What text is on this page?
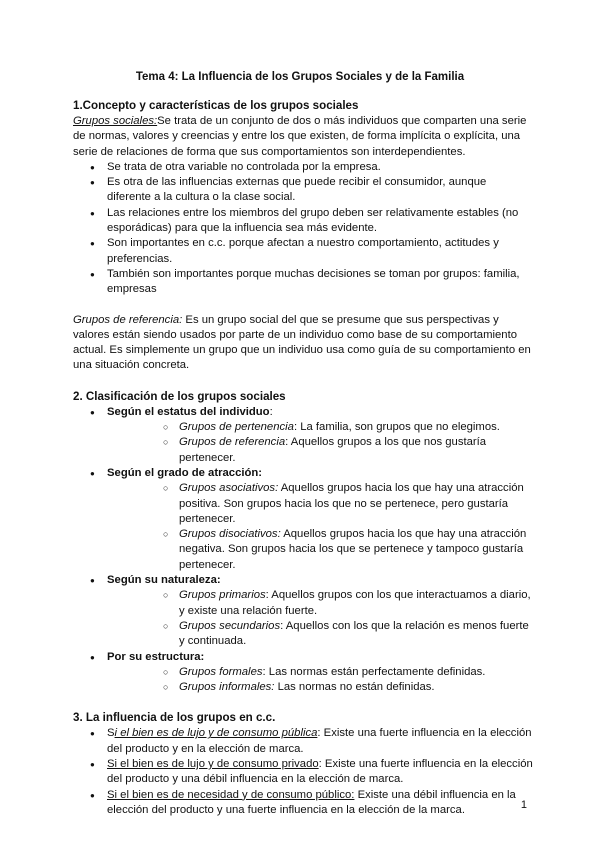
Tema 4: La Influencia de los Grupos Sociales y de la Familia
1.Concepto y características de los grupos sociales

Grupos sociales:Se trata de un conjunto de dos o más individuos que comparten una serie de normas, valores y creencias y entre los que existen, de forma implícita o explícita, una serie de relaciones de forma que sus comportamientos son interdependientes.

● Se trata de otra variable no controlada por la empresa.
● Es otra de las influencias externas que puede recibir el consumidor, aunque diferente a la cultura o la clase social.
● Las relaciones entre los miembros del grupo deben ser relativamente estables (no esporádicas) para que la influencia sea más evidente.
● Son importantes en c.c. porque afectan a nuestro comportamiento, actitudes y preferencias.
● También son importantes porque muchas decisiones se toman por grupos: familia, empresas

Grupos de referencia: Es un grupo social del que se presume que sus perspectivas y valores están siendo usados por parte de un individuo como base de su comportamiento actual. Es simplemente un grupo que un individuo usa como guía de su comportamiento en una situación concreta.

2. Clasificación de los grupos sociales
● Según el estatus del individuo:
○ Grupos de pertenencia: La familia, son grupos que no elegimos.
○ Grupos de referencia: Aquellos grupos a los que nos gustaría pertenecer.
● Según el grado de atracción:
○ Grupos asociativos: Aquellos grupos hacia los que hay una atracción positiva. Son grupos hacia los que no se pertenece, pero gustaría pertenecer.
○ Grupos disociativos: Aquellos grupos hacia los que hay una atracción negativa. Son grupos hacia los que se pertenece y tampoco gustaría pertenecer.
● Según su naturaleza:
○ Grupos primarios: Aquellos grupos con los que interactuamos a diario, y existe una relación fuerte.
○ Grupos secundarios: Aquellos con los que la relación es menos fuerte y continuada.
● Por su estructura:
○ Grupos formales: Las normas están perfectamente definidas.
○ Grupos informales: Las normas no están definidas.
3. La influencia de los grupos en c.c.
● Si el bien es de lujo y de consumo pública: Existe una fuerte influencia en la elección del producto y en la elección de marca.
● Si el bien es de lujo y de consumo privado: Existe una fuerte influencia en la elección del producto y una débil influencia en la elección de marca.
● Si el bien es de necesidad y de consumo público: Existe una débil influencia en la elección del producto y una fuerte influencia en la elección de la marca.	1
